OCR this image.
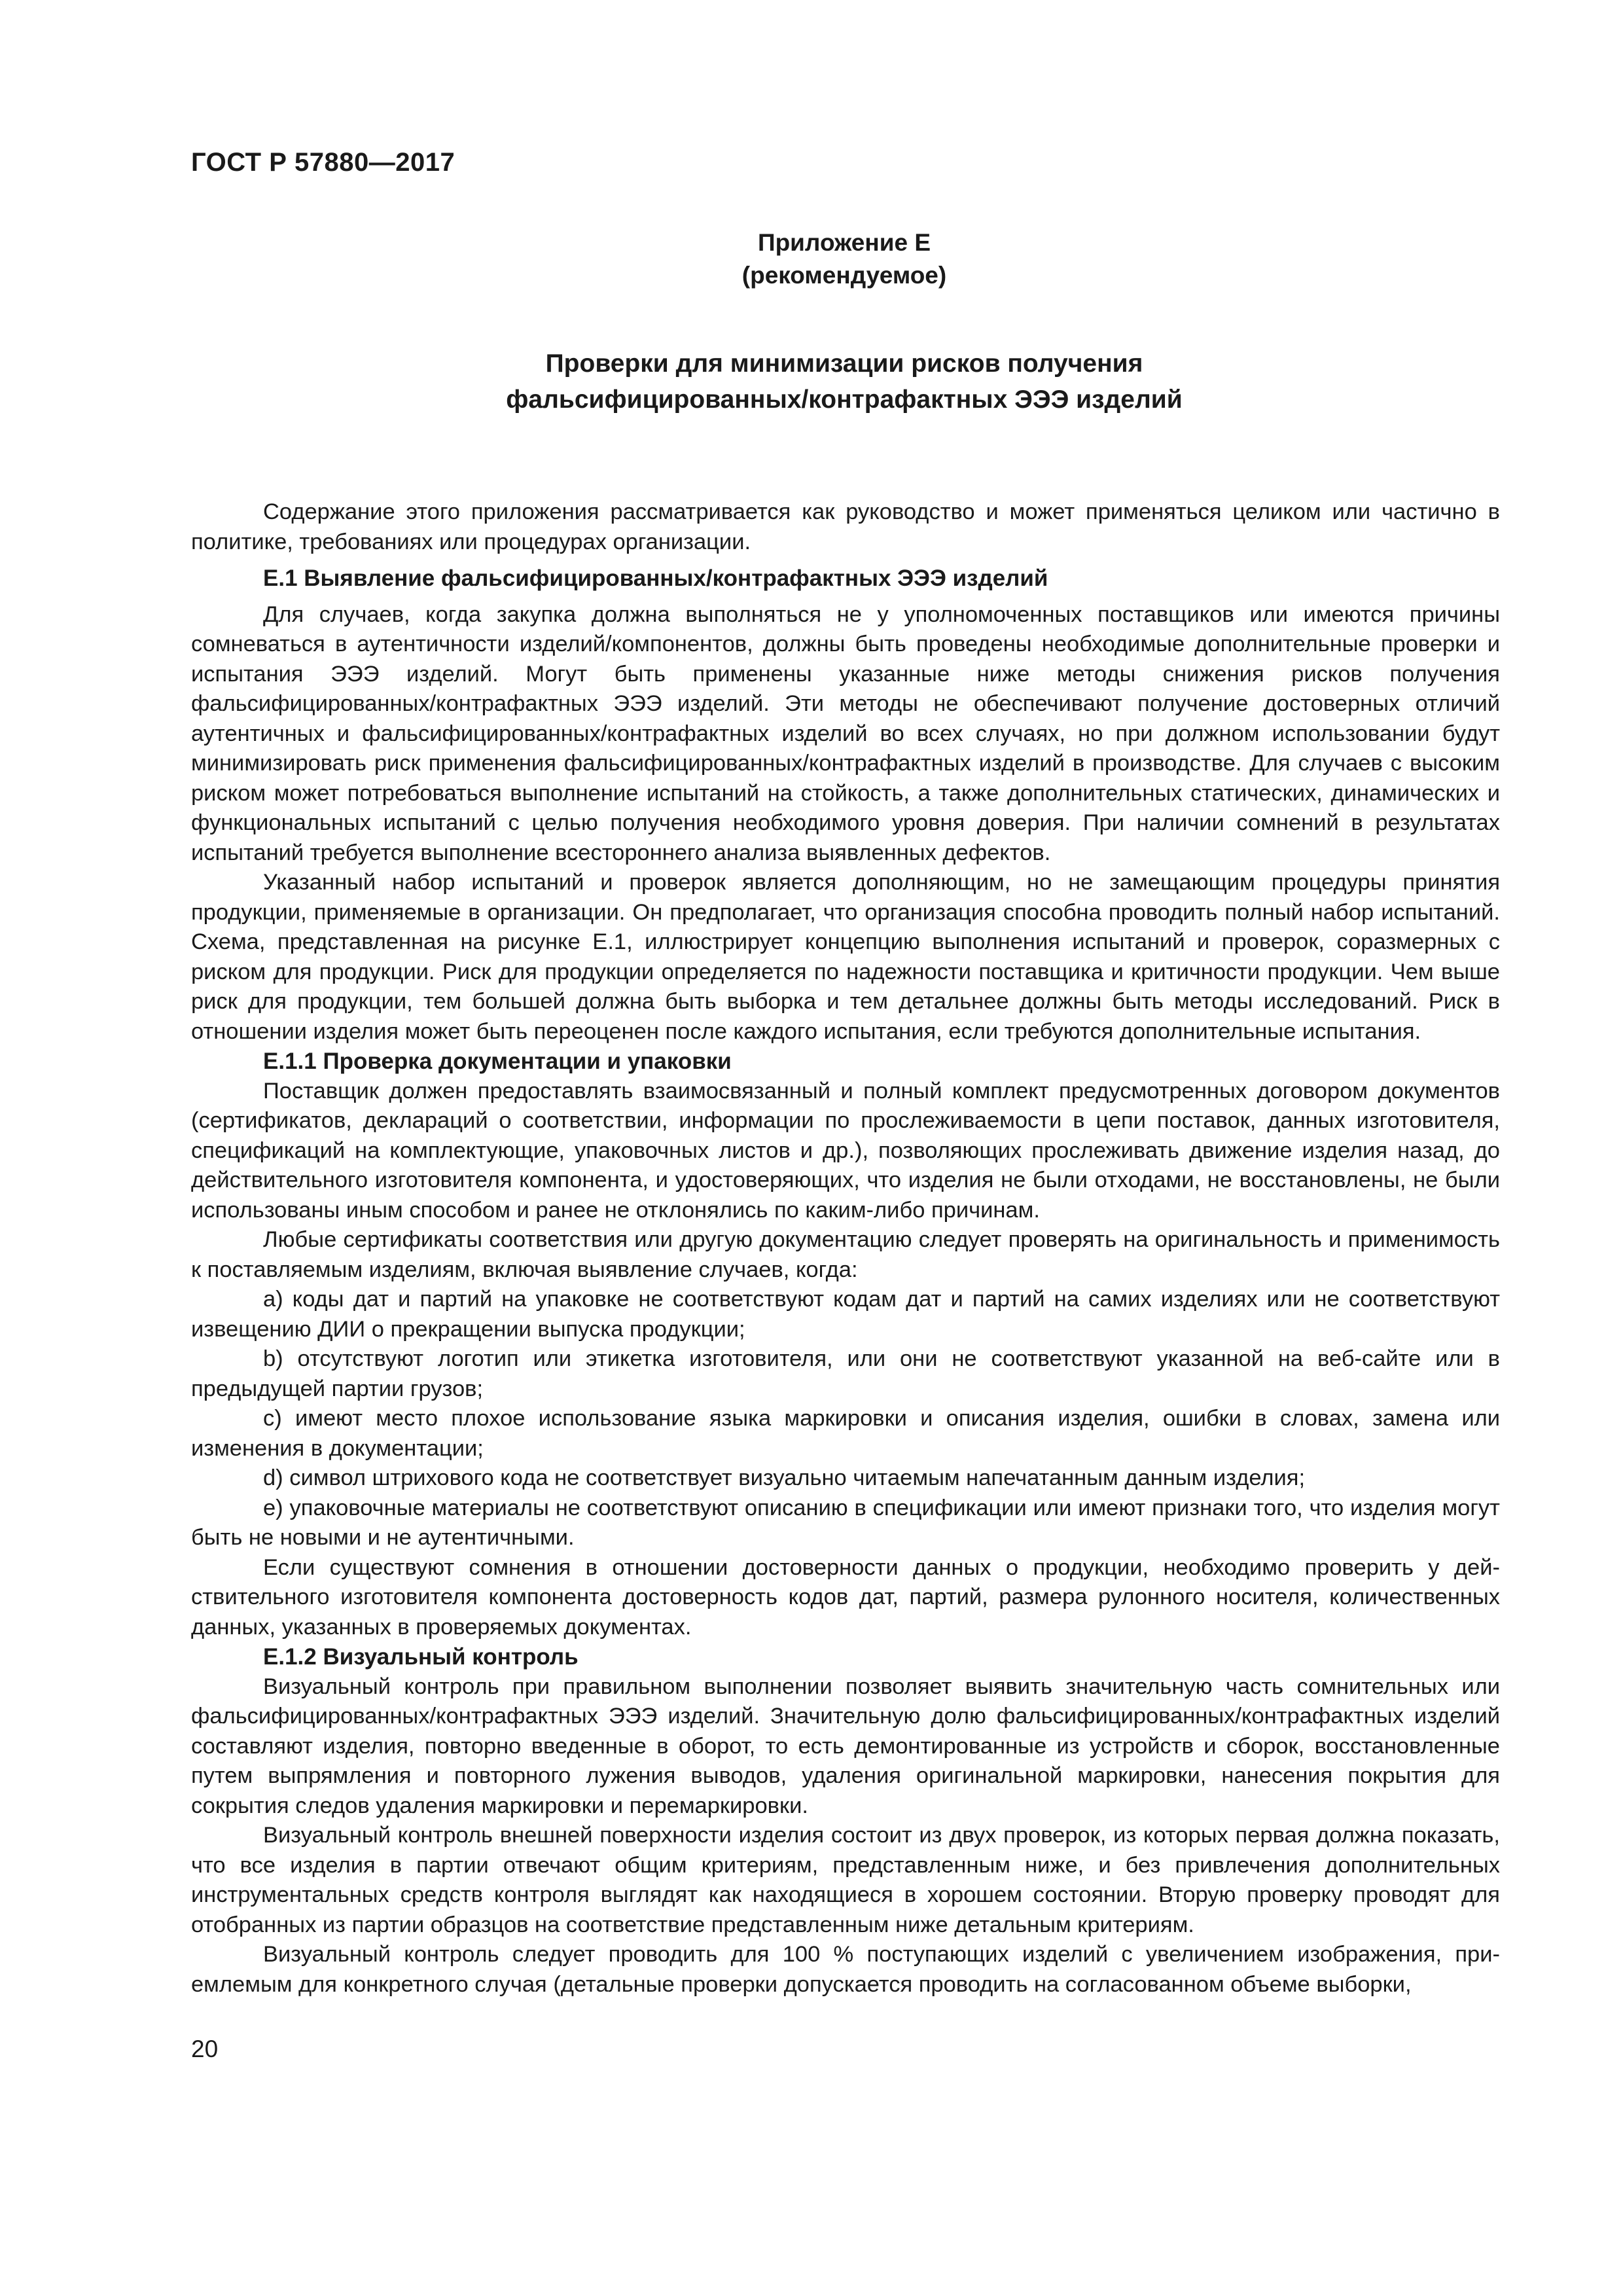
ГОСТ Р 57880—2017
Приложение Е
(рекомендуемое)
Проверки для минимизации рисков получения
фальсифицированных/контрафактных ЭЭЭ изделий

Содержание этого приложения рассматривается как руководство и может применяться целиком или частично в политике, требованиях или процедурах организации.

Е.1 Выявление фальсифицированных/контрафактных ЭЭЭ изделий

Для случаев, когда закупка должна выполняться не у уполномоченных поставщиков или имеются причины сомневаться в аутентичности изделий/компонентов, должны быть проведены необходимые дополнительные проверки и испытания ЭЭЭ изделий. Могут быть применены указанные ниже методы снижения рисков получения фальсифицированных/контрафактных ЭЭЭ изделий. Эти методы не обеспечивают получение достоверных отличий аутентичных и фальсифицированных/контрафактных изделий во всех случаях, но при должном использовании будут минимизировать риск применения фальсифицированных/контрафактных изделий в производстве. Для случаев с высоким риском может потребоваться выполнение испытаний на стойкость, а также дополнительных статических, динамических и функциональных испытаний с целью получения необходимого уровня доверия. При наличии сомнений в результатах испытаний требуется выполнение всестороннего анализа выявленных дефектов.

Указанный набор испытаний и проверок является дополняющим, но не замещающим процедуры принятия продукции, применяемые в организации. Он предполагает, что организация способна проводить полный набор испытаний. Схема, представленная на рисунке Е.1, иллюстрирует концепцию выполнения испытаний и проверок, соразмерных с риском для продукции. Риск для продукции определяется по надежности поставщика и критичности продукции. Чем выше риск для продукции, тем большей должна быть выборка и тем детальнее должны быть методы исследований. Риск в отношении изделия может быть переоценен после каждого испытания, если требуются дополнительные испытания.

Е.1.1 Проверка документации и упаковки

Поставщик должен предоставлять взаимосвязанный и полный комплект предусмотренных договором документов (сертификатов, деклараций о соответствии, информации по прослеживаемости в цепи поставок, данных изготовителя, спецификаций на комплектующие, упаковочных листов и др.), позволяющих прослеживать движение изделия назад, до действительного изготовителя компонента, и удостоверяющих, что изделия не были отходами, не восстановлены, не были использованы иным способом и ранее не отклонялись по каким-либо причинам.

Любые сертификаты соответствия или другую документацию следует проверять на оригинальность и применимость к поставляемым изделиям, включая выявление случаев, когда:

a) коды дат и партий на упаковке не соответствуют кодам дат и партий на самих изделиях или не соответствуют извещению ДИИ о прекращении выпуска продукции;

b) отсутствуют логотип или этикетка изготовителя, или они не соответствуют указанной на веб-сайте или в предыдущей партии грузов;

c) имеют место плохое использование языка маркировки и описания изделия, ошибки в словах, замена или изменения в документации;

d) символ штрихового кода не соответствует визуально читаемым напечатанным данным изделия;

e) упаковочные материалы не соответствуют описанию в спецификации или имеют признаки того, что изделия могут быть не новыми и не аутентичными.

Если существуют сомнения в отношении достоверности данных о продукции, необходимо проверить у действительного изготовителя компонента достоверность кодов дат, партий, размера рулонного носителя, количественных данных, указанных в проверяемых документах.

Е.1.2 Визуальный контроль

Визуальный контроль при правильном выполнении позволяет выявить значительную часть сомнительных или фальсифицированных/контрафактных ЭЭЭ изделий. Значительную долю фальсифицированных/контрафактных изделий составляют изделия, повторно введенные в оборот, то есть демонтированные из устройств и сборок, восстановленные путем выпрямления и повторного лужения выводов, удаления оригинальной маркировки, нанесения покрытия для сокрытия следов удаления маркировки и перемаркировки.

Визуальный контроль внешней поверхности изделия состоит из двух проверок, из которых первая должна показать, что все изделия в партии отвечают общим критериям, представленным ниже, и без привлечения дополнительных инструментальных средств контроля выглядят как находящиеся в хорошем состоянии. Вторую проверку проводят для отобранных из партии образцов на соответствие представленным ниже детальным критериям.

Визуальный контроль следует проводить для 100 % поступающих изделий с увеличением изображения, приемлемым для конкретного случая (детальные проверки допускается проводить на согласованном объеме выборки,

20
